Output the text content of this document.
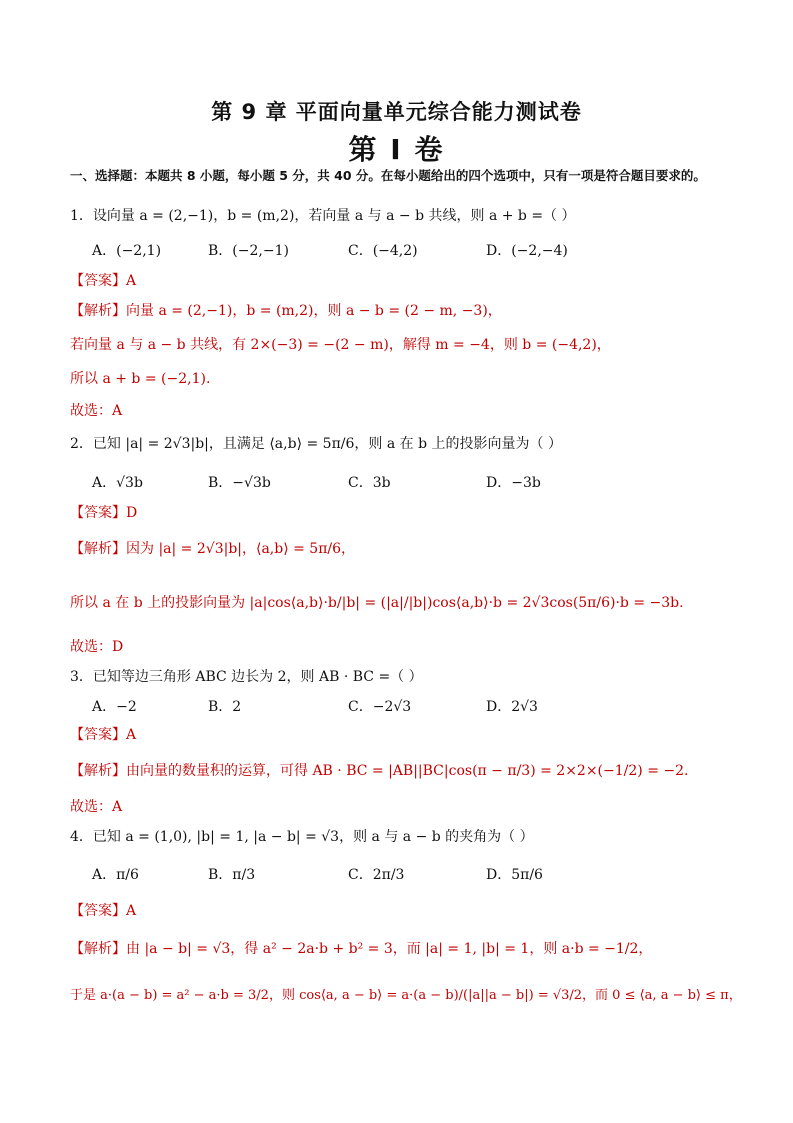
第 9 章 平面向量单元综合能力测试卷
第 I 卷
一、选择题：本题共 8 小题，每小题 5 分，共 40 分。在每小题给出的四个选项中，只有一项是符合题目要求的。
1．设向量 a = (2,−1)，b = (m,2)，若向量 a 与 a − b 共线，则 a + b =（ ）
A．(−2,1)	B．(−2,−1)	C．(−4,2)	D．(−2,−4)
【答案】A
【解析】向量 a = (2,−1)，b = (m,2)，则 a − b = (2 − m, −3)，
若向量 a 与 a − b 共线，有 2×(−3) = −(2 − m)，解得 m = −4，则 b = (−4,2)，
所以 a + b = (−2,1).
故选：A
2．已知 |a| = 2√3|b|，且满足 ⟨a,b⟩ = 5π/6，则 a 在 b 上的投影向量为（ ）
A．√3b	B．−√3b	C．3b	D．−3b
【答案】D
【解析】因为 |a| = 2√3|b|，⟨a,b⟩ = 5π/6，
所以 a 在 b 上的投影向量为 |a|cos⟨a,b⟩·b/|b| = (|a|/|b|)cos⟨a,b⟩·b = 2√3cos(5π/6)·b = −3b.
故选：D
3．已知等边三角形 ABC 边长为 2，则 AB · BC =（ ）
A．−2	B．2	C．−2√3	D．2√3
【答案】A
【解析】由向量的数量积的运算，可得 AB · BC = |AB||BC|cos(π − π/3) = 2×2×(−1/2) = −2.
故选：A
4．已知 a = (1,0), |b| = 1, |a − b| = √3，则 a 与 a − b 的夹角为（ ）
A．π/6	B．π/3	C．2π/3	D．5π/6
【答案】A
【解析】由 |a − b| = √3，得 a² − 2a·b + b² = 3，而 |a| = 1, |b| = 1，则 a·b = −1/2，
于是 a·(a − b) = a² − a·b = 3/2，则 cos⟨a, a − b⟩ = a·(a − b)/(|a||a − b|) = √3/2，而 0 ≤ ⟨a, a − b⟩ ≤ π，
